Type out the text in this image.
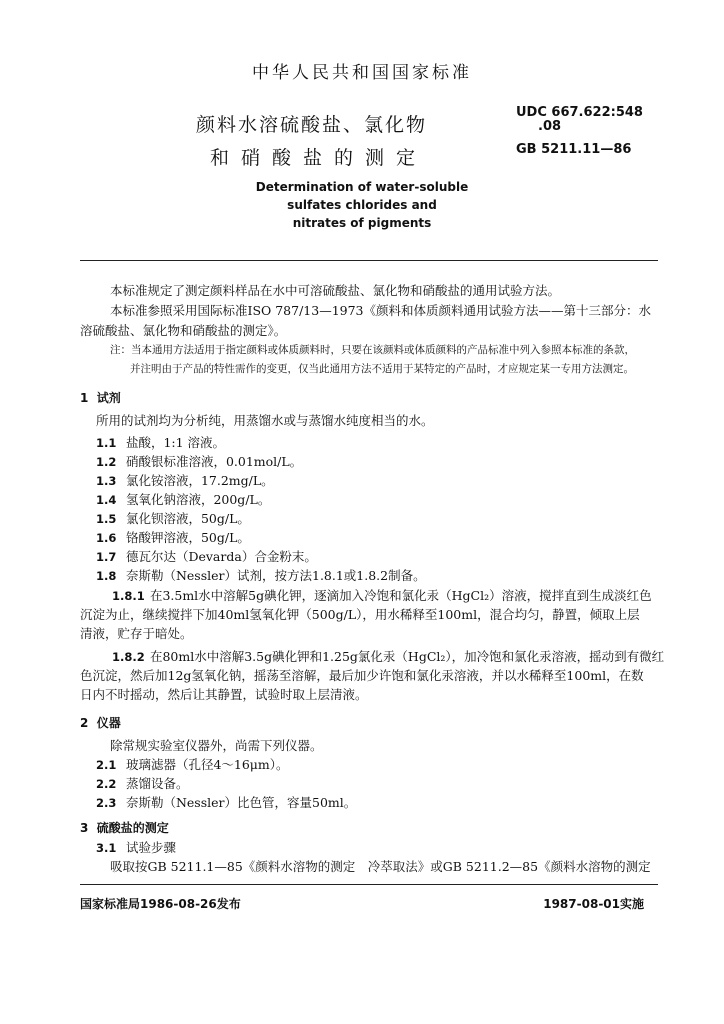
中华人民共和国国家标准
颜料水溶硫酸盐、氯化物
和硝酸盐的测定
UDC 667.622:548
.08
GB 5211.11—86
Determination of water-soluble
sulfates chlorides and
nitrates of pigments
本标准规定了测定颜料样品在水中可溶硫酸盐、氯化物和硝酸盐的通用试验方法。
本标准参照采用国际标准ISO 787/13—1973《颜料和体质颜料通用试验方法——第十三部分：水
溶硫酸盐、氯化物和硝酸盐的测定》。
注：当本通用方法适用于指定颜料或体质颜料时，只要在该颜料或体质颜料的产品标准中列入参照本标准的条款，
并注明由于产品的特性需作的变更，仅当此通用方法不适用于某特定的产品时，才应规定某一专用方法测定。
1 试剂
所用的试剂均为分析纯，用蒸馏水或与蒸馏水纯度相当的水。
1.1 盐酸，1:1 溶液。
1.2 硝酸银标准溶液，0.01mol/L。
1.3 氯化铵溶液，17.2mg/L。
1.4 氢氧化钠溶液，200g/L。
1.5 氯化钡溶液，50g/L。
1.6 铬酸钾溶液，50g/L。
1.7 德瓦尔达（Devarda）合金粉末。
1.8 奈斯勒（Nessler）试剂，按方法1.8.1或1.8.2制备。
1.8.1 在3.5ml水中溶解5g碘化钾，逐滴加入冷饱和氯化汞（HgCl₂）溶液，搅拌直到生成淡红色
沉淀为止，继续搅拌下加40ml氢氧化钾（500g/L），用水稀释至100ml，混合均匀，静置，倾取上层
清液，贮存于暗处。
1.8.2 在80ml水中溶解3.5g碘化钾和1.25g氯化汞（HgCl₂），加冷饱和氯化汞溶液，摇动到有微红
色沉淀，然后加12g氢氧化钠，摇荡至溶解，最后加少许饱和氯化汞溶液，并以水稀释至100ml，在数
日内不时摇动，然后让其静置，试验时取上层清液。
2 仪器
除常规实验室仪器外，尚需下列仪器。
2.1 玻璃滤器（孔径4～16μm）。
2.2 蒸馏设备。
2.3 奈斯勒（Nessler）比色管，容量50ml。
3 硫酸盐的测定
3.1 试验步骤
吸取按GB 5211.1—85《颜料水溶物的测定　冷萃取法》或GB 5211.2—85《颜料水溶物的测定
国家标准局1986-08-26发布	1987-08-01实施
